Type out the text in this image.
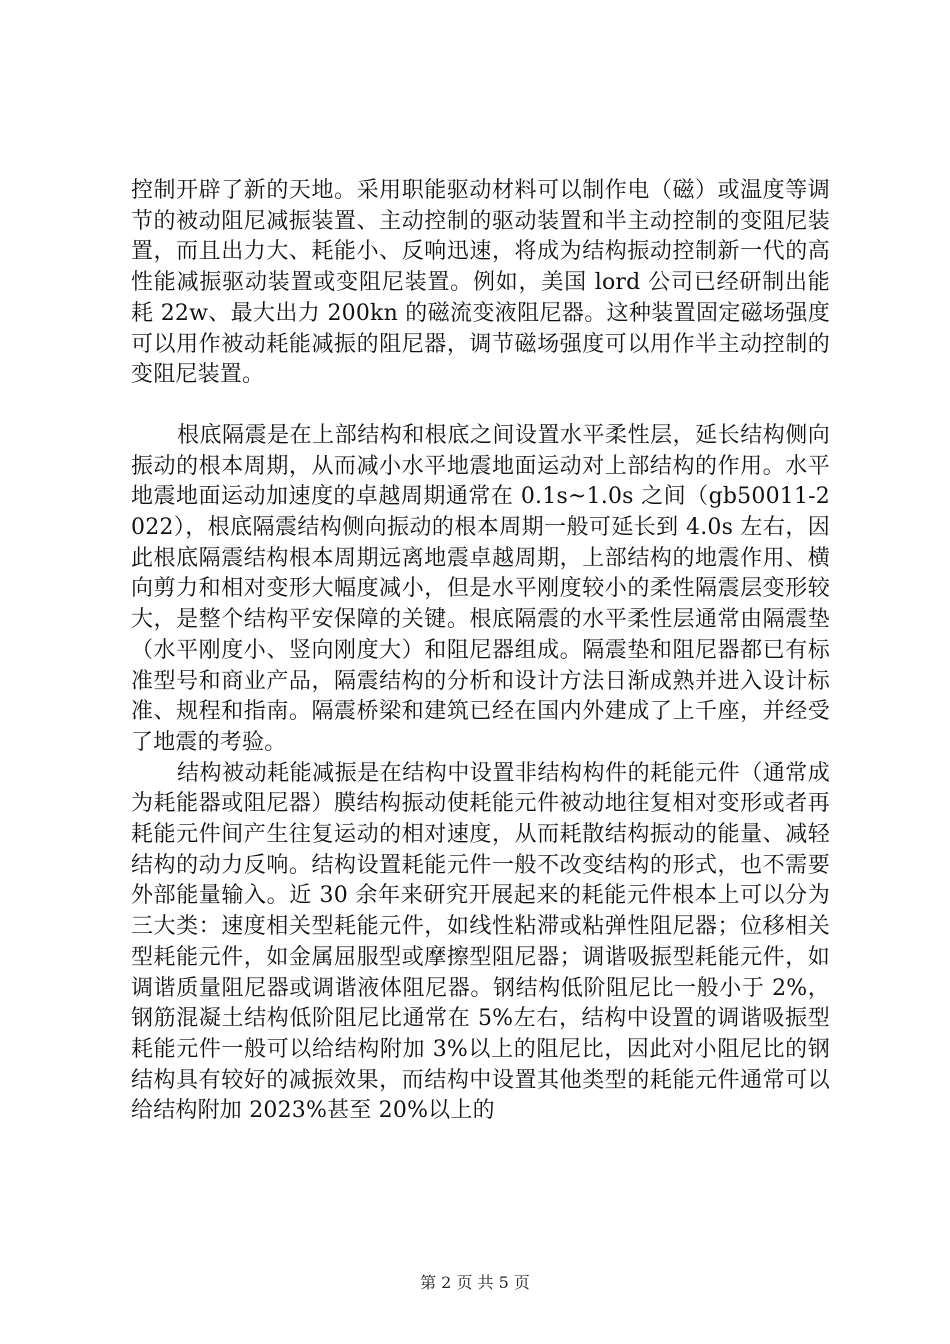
控制开辟了新的天地。采用职能驱动材料可以制作电（磁）或温度等调节的被动阻尼减振装置、主动控制的驱动装置和半主动控制的变阻尼装置，而且出力大、耗能小、反响迅速，将成为结构振动控制新一代的高性能减振驱动装置或变阻尼装置。例如，美国 lord 公司已经研制出能耗 22w、最大出力 200kn 的磁流变液阻尼器。这种装置固定磁场强度可以用作被动耗能减振的阻尼器，调节磁场强度可以用作半主动控制的变阻尼装置。

根底隔震是在上部结构和根底之间设置水平柔性层，延长结构侧向振动的根本周期，从而减小水平地震地面运动对上部结构的作用。水平地震地面运动加速度的卓越周期通常在 0.1s~1.0s 之间（gb50011-2022），根底隔震结构侧向振动的根本周期一般可延长到 4.0s 左右，因此根底隔震结构根本周期远离地震卓越周期，上部结构的地震作用、横向剪力和相对变形大幅度减小，但是水平刚度较小的柔性隔震层变形较大，是整个结构平安保障的关键。根底隔震的水平柔性层通常由隔震垫（水平刚度小、竖向刚度大）和阻尼器组成。隔震垫和阻尼器都已有标准型号和商业产品，隔震结构的分析和设计方法日渐成熟并进入设计标准、规程和指南。隔震桥梁和建筑已经在国内外建成了上千座，并经受了地震的考验。

结构被动耗能减振是在结构中设置非结构构件的耗能元件（通常成为耗能器或阻尼器）膜结构振动使耗能元件被动地往复相对变形或者再耗能元件间产生往复运动的相对速度，从而耗散结构振动的能量、减轻结构的动力反响。结构设置耗能元件一般不改变结构的形式，也不需要外部能量输入。近 30 余年来研究开展起来的耗能元件根本上可以分为三大类：速度相关型耗能元件，如线性粘滞或粘弹性阻尼器；位移相关型耗能元件，如金属屈服型或摩擦型阻尼器；调谐吸振型耗能元件，如调谐质量阻尼器或调谐液体阻尼器。钢结构低阶阻尼比一般小于 2%，钢筋混凝土结构低阶阻尼比通常在 5%左右，结构中设置的调谐吸振型耗能元件一般可以给结构附加 3%以上的阻尼比，因此对小阻尼比的钢结构具有较好的减振效果，而结构中设置其他类型的耗能元件通常可以给结构附加 2023%甚至 20%以上的

第 2 页 共 5 页
